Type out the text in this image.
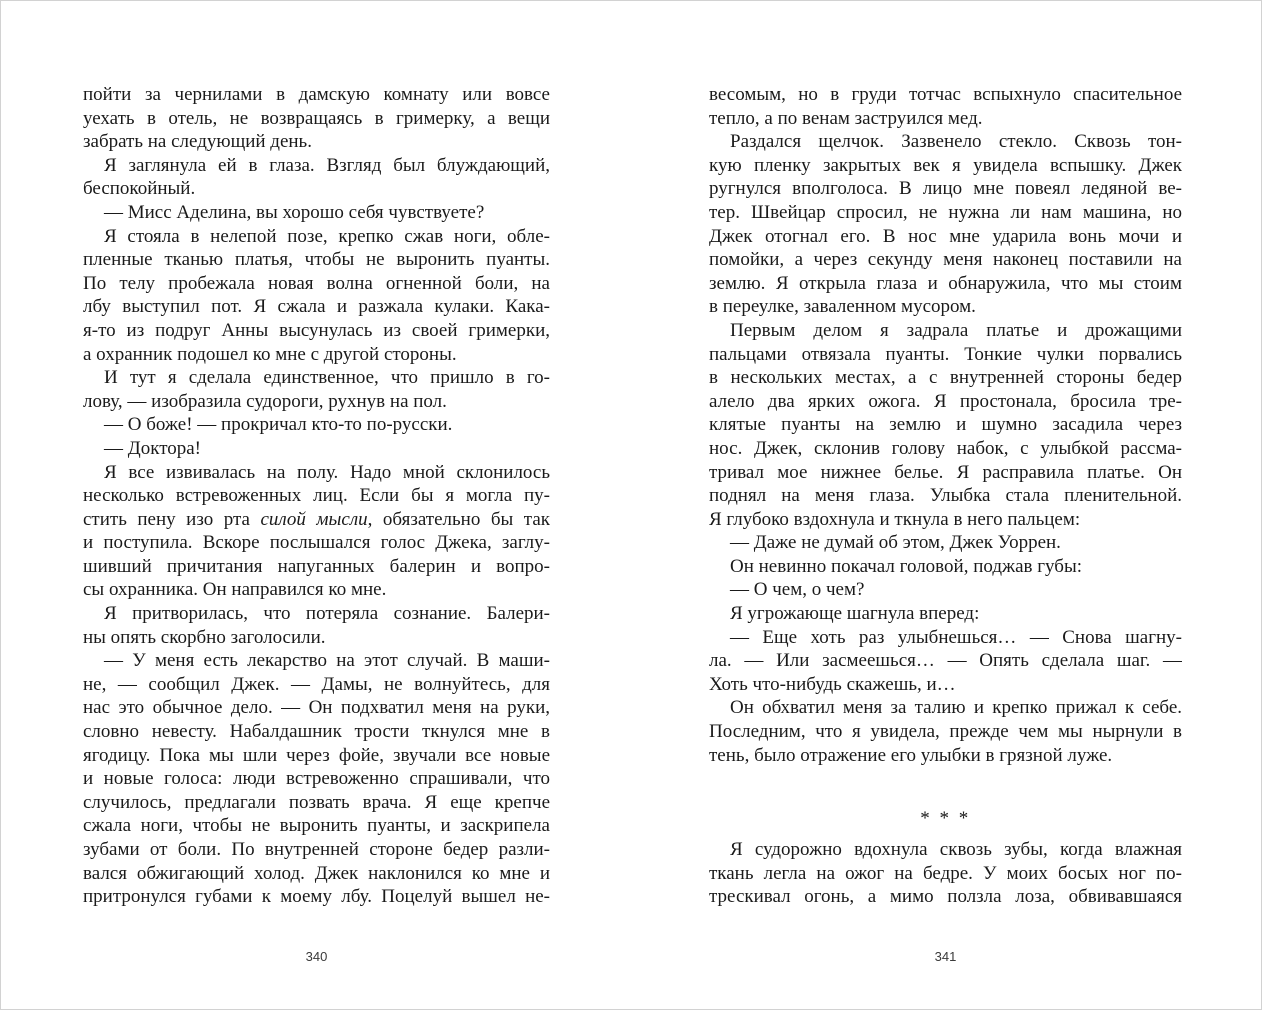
пойти за чернилами в дамскую комнату или вовсе
уехать в отель, не возвращаясь в гримерку, а вещи
забрать на следующий день.
Я заглянула ей в глаза. Взгляд был блуждающий,
беспокойный.
— Мисс Аделина, вы хорошо себя чувствуете?
Я стояла в нелепой позе, крепко сжав ноги, обле-
пленные тканью платья, чтобы не выронить пуанты.
По телу пробежала новая волна огненной боли, на
лбу выступил пот. Я сжала и разжала кулаки. Кака-
я-то из подруг Анны высунулась из своей гримерки,
а охранник подошел ко мне с другой стороны.
И тут я сделала единственное, что пришло в го-
лову, — изобразила судороги, рухнув на пол.
— О боже! — прокричал кто-то по-русски.
— Доктора!
Я все извивалась на полу. Надо мной склонилось
несколько встревоженных лиц. Если бы я могла пу-
стить пену изо рта силой мысли, обязательно бы так
и поступила. Вскоре послышался голос Джека, заглу-
шивший причитания напуганных балерин и вопро-
сы охранника. Он направился ко мне.
Я притворилась, что потеряла сознание. Балери-
ны опять скорбно заголосили.
— У меня есть лекарство на этот случай. В маши-
не, — сообщил Джек. — Дамы, не волнуйтесь, для
нас это обычное дело. — Он подхватил меня на руки,
словно невесту. Набалдашник трости ткнулся мне в
ягодицу. Пока мы шли через фойе, звучали все новые
и новые голоса: люди встревоженно спрашивали, что
случилось, предлагали позвать врача. Я еще крепче
сжала ноги, чтобы не выронить пуанты, и заскрипела
зубами от боли. По внутренней стороне бедер разли-
вался обжигающий холод. Джек наклонился ко мне и
притронулся губами к моему лбу. Поцелуй вышел не-
340
весомым, но в груди тотчас вспыхнуло спасительное
тепло, а по венам заструился мед.
Раздался щелчок. Зазвенело стекло. Сквозь тон-
кую пленку закрытых век я увидела вспышку. Джек
ругнулся вполголоса. В лицо мне повеял ледяной ве-
тер. Швейцар спросил, не нужна ли нам машина, но
Джек отогнал его. В нос мне ударила вонь мочи и
помойки, а через секунду меня наконец поставили на
землю. Я открыла глаза и обнаружила, что мы стоим
в переулке, заваленном мусором.
Первым делом я задрала платье и дрожащими
пальцами отвязала пуанты. Тонкие чулки порвались
в нескольких местах, а с внутренней стороны бедер
алело два ярких ожога. Я простонала, бросила тре-
клятые пуанты на землю и шумно засадила через
нос. Джек, склонив голову набок, с улыбкой рассма-
тривал мое нижнее белье. Я расправила платье. Он
поднял на меня глаза. Улыбка стала пленительной.
Я глубоко вздохнула и ткнула в него пальцем:
— Даже не думай об этом, Джек Уоррен.
Он невинно покачал головой, поджав губы:
— О чем, о чем?
Я угрожающе шагнула вперед:
— Еще хоть раз улыбнешься… — Снова шагну-
ла. — Или засмеешься… — Опять сделала шаг. —
Хоть что-нибудь скажешь, и…
Он обхватил меня за талию и крепко прижал к себе.
Последним, что я увидела, прежде чем мы нырнули в
тень, было отражение его улыбки в грязной луже.
* * *
Я судорожно вдохнула сквозь зубы, когда влажная
ткань легла на ожог на бедре. У моих босых ног по-
трескивал огонь, а мимо ползла лоза, обвивавшаяся
341
